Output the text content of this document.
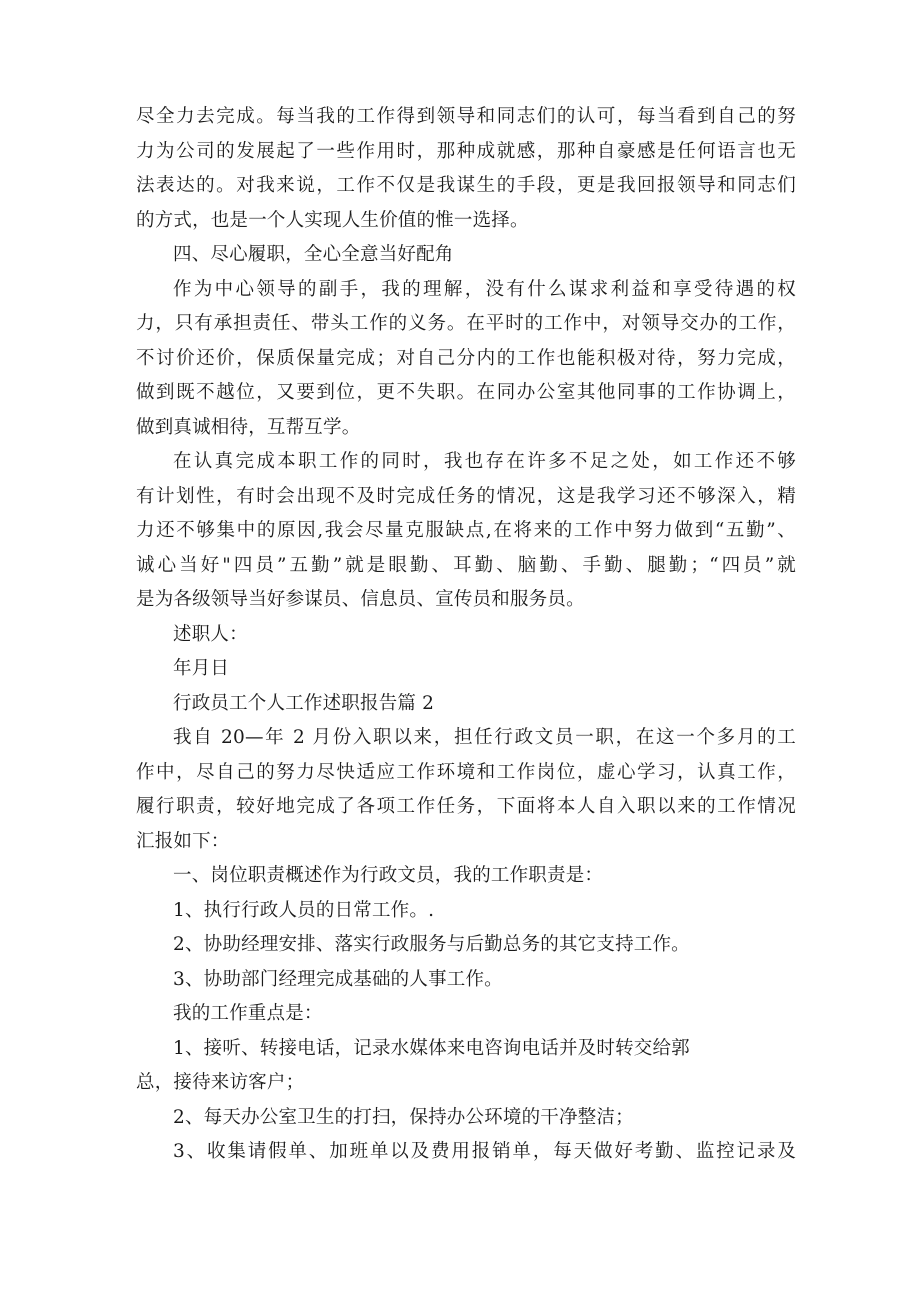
尽全力去完成。每当我的工作得到领导和同志们的认可，每当看到自己的努
力为公司的发展起了一些作用时，那种成就感，那种自豪感是任何语言也无
法表达的。对我来说，工作不仅是我谋生的手段，更是我回报领导和同志们
的方式，也是一个人实现人生价值的惟一选择。
四、尽心履职，全心全意当好配角
作为中心领导的副手，我的理解，没有什么谋求利益和享受待遇的权
力，只有承担责任、带头工作的义务。在平时的工作中，对领导交办的工作，
不讨价还价，保质保量完成；对自己分内的工作也能积极对待，努力完成，
做到既不越位，又要到位，更不失职。在同办公室其他同事的工作协调上，
做到真诚相待，互帮互学。
在认真完成本职工作的同时，我也存在许多不足之处，如工作还不够
有计划性，有时会出现不及时完成任务的情况，这是我学习还不够深入，精
力还不够集中的原因,我会尽量克服缺点,在将来的工作中努力做到“五勤”、
诚心当好"四员”五勤”就是眼勤、耳勤、脑勤、手勤、腿勤；“四员”就
是为各级领导当好参谋员、信息员、宣传员和服务员。
述职人：
年月日
行政员工个人工作述职报告篇 2
我自 20—年 2 月份入职以来，担任行政文员一职，在这一个多月的工
作中，尽自己的努力尽快适应工作环境和工作岗位，虚心学习，认真工作，
履行职责，较好地完成了各项工作任务，下面将本人自入职以来的工作情况
汇报如下：
一、岗位职责概述作为行政文员，我的工作职责是：
1、执行行政人员的日常工作。.
2、协助经理安排、落实行政服务与后勤总务的其它支持工作。
3、协助部门经理完成基础的人事工作。
我的工作重点是：
1、接听、转接电话，记录水媒体来电咨询电话并及时转交给郭
总，接待来访客户；
2、每天办公室卫生的打扫，保持办公环境的干净整洁；
3、收集请假单、加班单以及费用报销单，每天做好考勤、监控记录及
